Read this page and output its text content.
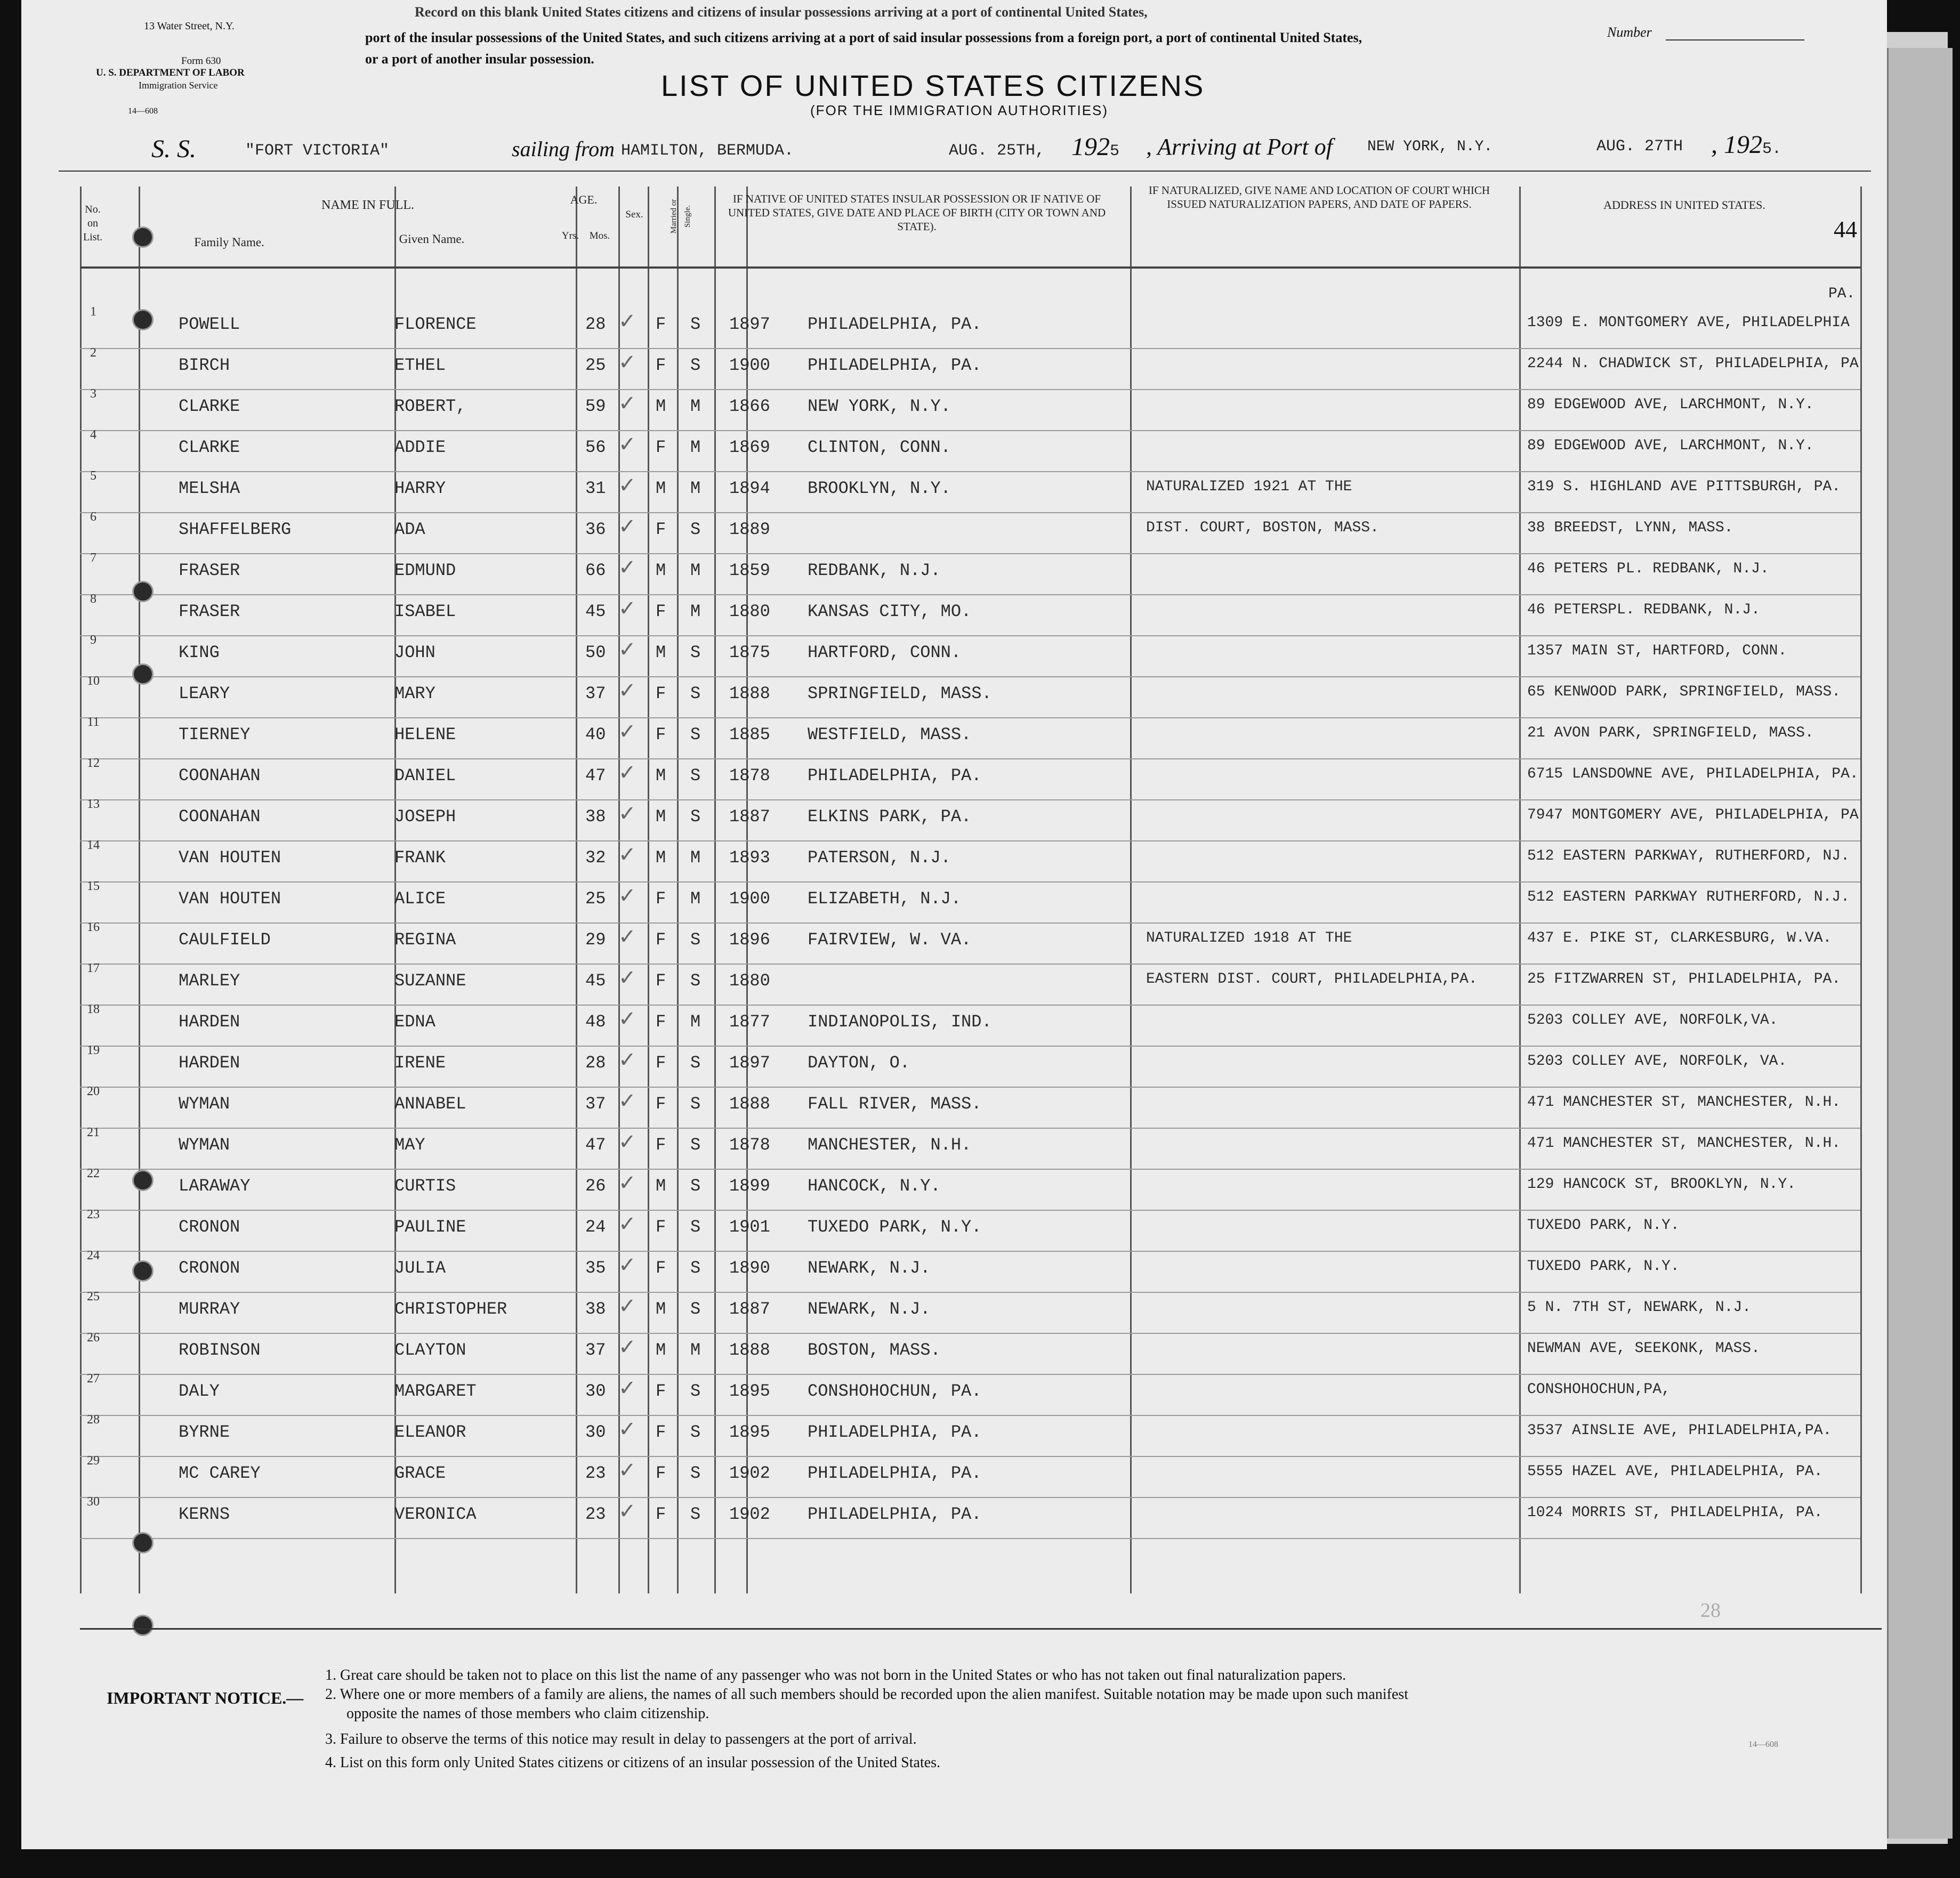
13 Water Street, N.Y.
Form 630
U. S. DEPARTMENT OF LABOR
Immigration Service
14—608
Record on this blank United States citizens and citizens of insular possessions arriving at a port of continental United States,
port of the insular possessions of the United States, and such citizens arriving at a port of said insular possessions from a foreign port, a port of continental United States,
or a port of another insular possession.
Number
LIST OF UNITED STATES CITIZENS
(FOR THE IMMIGRATION AUTHORITIES)
S. S.	"FORT VICTORIA"	sailing from HAMILTON, BERMUDA.	AUG. 25TH, 1925 , Arriving at Port of NEW YORK, N.Y.	AUG. 27TH , 1925.
No. on List.
NAME IN FULL.
Family Name.	Given Name.
AGE.
Yrs.	Mos.
Sex.	Married or Single.
IF NATIVE OF UNITED STATES INSULAR POSSESSION OR IF NATIVE OF UNITED STATES, GIVE DATE AND PLACE OF BIRTH (CITY OR TOWN AND STATE).
IF NATURALIZED, GIVE NAME AND LOCATION OF COURT WHICH ISSUED NATURALIZATION PAPERS, AND DATE OF PAPERS.	ADDRESS IN UNITED STATES.
44
1
POWELL	FLORENCE	28	F S 1897 PHILADELPHIA, PA.	1309 E. MONTGOMERY AVE, PHILADELPHIA
✓
PA.
2
BIRCH	ETHEL	25	F S 1900 PHILADELPHIA, PA.	2244 N. CHADWICK ST, PHILADELPHIA, PA
✓
3
CLARKE	ROBERT,	59	M M 1866 NEW YORK, N.Y.	89 EDGEWOOD AVE, LARCHMONT, N.Y.
✓
4
CLARKE	ADDIE	56	F M 1869 CLINTON, CONN.	89 EDGEWOOD AVE, LARCHMONT, N.Y.
✓
5
MELSHA	HARRY	31	M M 1894 BROOKLYN, N.Y.	NATURALIZED 1921 AT THE	319 S. HIGHLAND AVE PITTSBURGH, PA.
✓
6
SHAFFELBERG	ADA	36	F S 1889	DIST. COURT, BOSTON, MASS.	38 BREEDST, LYNN, MASS.
✓
7
FRASER	EDMUND	66	M M 1859 REDBANK, N.J.	46 PETERS PL. REDBANK, N.J.
✓
8
FRASER	ISABEL	45	F M 1880 KANSAS CITY, MO.	46 PETERSPL. REDBANK, N.J.
✓
9
KING	JOHN	50	M S 1875 HARTFORD, CONN.	1357 MAIN ST, HARTFORD, CONN.
✓
10
LEARY	MARY	37	F S 1888 SPRINGFIELD, MASS.	65 KENWOOD PARK, SPRINGFIELD, MASS.
✓
11
TIERNEY	HELENE	40	F S 1885 WESTFIELD, MASS.	21 AVON PARK, SPRINGFIELD, MASS.
✓
12
COONAHAN	DANIEL	47	M S 1878 PHILADELPHIA, PA.	6715 LANSDOWNE AVE, PHILADELPHIA, PA.
✓
13
COONAHAN	JOSEPH	38	M S 1887 ELKINS PARK, PA.	7947 MONTGOMERY AVE, PHILADELPHIA, PA
✓
14
VAN HOUTEN	FRANK	32	M M 1893 PATERSON, N.J.	512 EASTERN PARKWAY, RUTHERFORD, NJ.
✓
15
VAN HOUTEN	ALICE	25	F M 1900 ELIZABETH, N.J.	512 EASTERN PARKWAY RUTHERFORD, N.J.
✓
16
CAULFIELD	REGINA	29	F S 1896 FAIRVIEW, W. VA.	NATURALIZED 1918 AT THE	437 E. PIKE ST, CLARKESBURG, W.VA.
✓
17
MARLEY	SUZANNE	45	F S 1880	EASTERN DIST. COURT, PHILADELPHIA,PA.	25 FITZWARREN ST, PHILADELPHIA, PA.
✓
18
HARDEN	EDNA	48	F M 1877 INDIANOPOLIS, IND.	5203 COLLEY AVE, NORFOLK,VA.
✓
19
HARDEN	IRENE	28	F S 1897 DAYTON, O.	5203 COLLEY AVE, NORFOLK, VA.
✓
20
WYMAN	ANNABEL	37	F S 1888 FALL RIVER, MASS.	471 MANCHESTER ST, MANCHESTER, N.H.
✓
21
WYMAN	MAY	47	F S 1878 MANCHESTER, N.H.	471 MANCHESTER ST, MANCHESTER, N.H.
✓
22
LARAWAY	CURTIS	26	M S 1899 HANCOCK, N.Y.	129 HANCOCK ST, BROOKLYN, N.Y.
✓
23
CRONON	PAULINE	24	F S 1901 TUXEDO PARK, N.Y.	TUXEDO PARK, N.Y.
✓
24
CRONON	JULIA	35	F S 1890 NEWARK, N.J.	TUXEDO PARK, N.Y.
✓
25
MURRAY	CHRISTOPHER	38	M S 1887 NEWARK, N.J.	5 N. 7TH ST, NEWARK, N.J.
✓
26
ROBINSON	CLAYTON	37	M M 1888 BOSTON, MASS.	NEWMAN AVE, SEEKONK, MASS.
✓
27
DALY	MARGARET	30	F S 1895 CONSHOHOCHUN, PA.	CONSHOHOCHUN,PA,
✓
28
BYRNE	ELEANOR	30	F S 1895 PHILADELPHIA, PA.	3537 AINSLIE AVE, PHILADELPHIA,PA.
✓
29
MC CAREY	GRACE	23	F S 1902 PHILADELPHIA, PA.	5555 HAZEL AVE, PHILADELPHIA, PA.
✓
30
KERNS	VERONICA	23	F S 1902 PHILADELPHIA, PA.	1024 MORRIS ST, PHILADELPHIA, PA.
✓
28
IMPORTANT NOTICE.—
1. Great care should be taken not to place on this list the name of any passenger who was not born in the United States or who has not taken out final naturalization papers.
2. Where one or more members of a family are aliens, the names of all such members should be recorded upon the alien manifest. Suitable notation may be made upon such manifest
opposite the names of those members who claim citizenship.
3. Failure to observe the terms of this notice may result in delay to passengers at the port of arrival.
4. List on this form only United States citizens or citizens of an insular possession of the United States.
14—608
